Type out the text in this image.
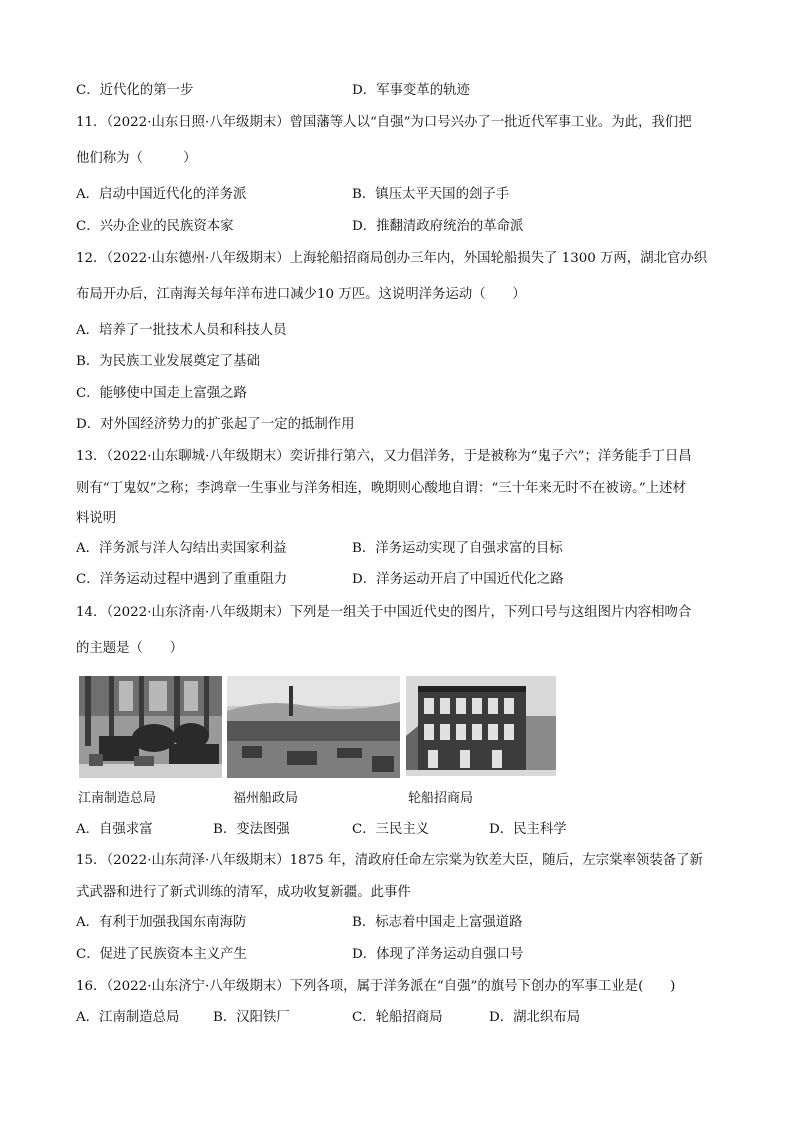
C．近代化的第一步	D．军事变革的轨迹
11．（2022·山东日照·八年级期末）曾国藩等人以“自强”为口号兴办了一批近代军事工业。为此，我们把
他们称为（　　　）
A．启动中国近代化的洋务派	B．镇压太平天国的刽子手
C．兴办企业的民族资本家	D．推翻清政府统治的革命派
12．（2022·山东德州·八年级期末）上海轮船招商局创办三年内，外国轮船损失了 1300 万两，湖北官办织
布局开办后，江南海关每年洋布进口减少10 万匹。这说明洋务运动（　　）
A．培养了一批技术人员和科技人员
B．为民族工业发展奠定了基础
C．能够使中国走上富强之路
D．对外国经济势力的扩张起了一定的抵制作用
13．（2022·山东聊城·八年级期末）奕䜣排行第六，又力倡洋务，于是被称为“鬼子六”；洋务能手丁日昌
则有“丁鬼奴”之称；李鸿章一生事业与洋务相连，晚期则心酸地自谓：“三十年来无时不在被谤。”上述材
料说明
A．洋务派与洋人勾结出卖国家利益	B．洋务运动实现了自强求富的目标
C．洋务运动过程中遇到了重重阻力	D．洋务运动开启了中国近代化之路
14．（2022·山东济南·八年级期末）下列是一组关于中国近代史的图片，下列口号与这组图片内容相吻合
的主题是（　　）
江南制造总局	福州船政局	轮船招商局
A．自强求富	B．变法图强	C．三民主义	D．民主科学
15．（2022·山东菏泽·八年级期末）1875 年，清政府任命左宗棠为钦差大臣，随后，左宗棠率领装备了新
式武器和进行了新式训练的清军，成功收复新疆。此事件
A．有利于加强我国东南海防	B．标志着中国走上富强道路
C．促进了民族资本主义产生	D．体现了洋务运动自强口号
16．（2022·山东济宁·八年级期末）下列各项，属于洋务派在“自强”的旗号下创办的军事工业是(　　)
A．江南制造总局	B．汉阳铁厂	C．轮船招商局	D．湖北织布局
